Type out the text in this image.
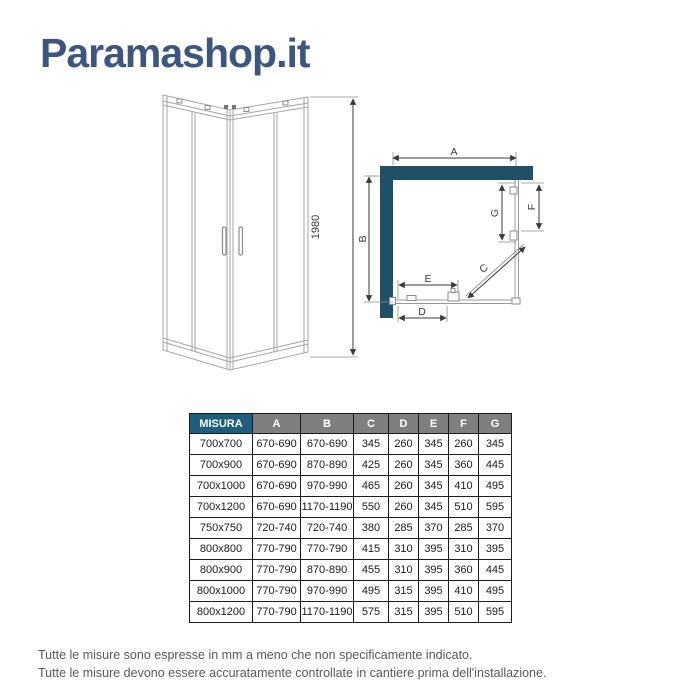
Paramashop.it
1980
A
B
G
F
C
E
D
MISURA	A	B	C	D	E	F	G
700x700	670-690	670-690	345	260	345	260	345
700x900	670-690	870-890	425	260	345	360	445
700x1000	670-690	970-990	465	260	345	410	495
700x1200	670-690	1170-1190	550	260	345	510	595
750x750	720-740	720-740	380	285	370	285	370
800x800	770-790	770-790	415	310	395	310	395
800x900	770-790	870-890	455	310	395	360	445
800x1000	770-790	970-990	495	315	395	410	495
800x1200	770-790	1170-1190	575	315	395	510	595
Tutte le misure sono espresse in mm a meno che non specificamente indicato.
Tutte le misure devono essere accuratamente controllate in cantiere prima dell'installazione.
